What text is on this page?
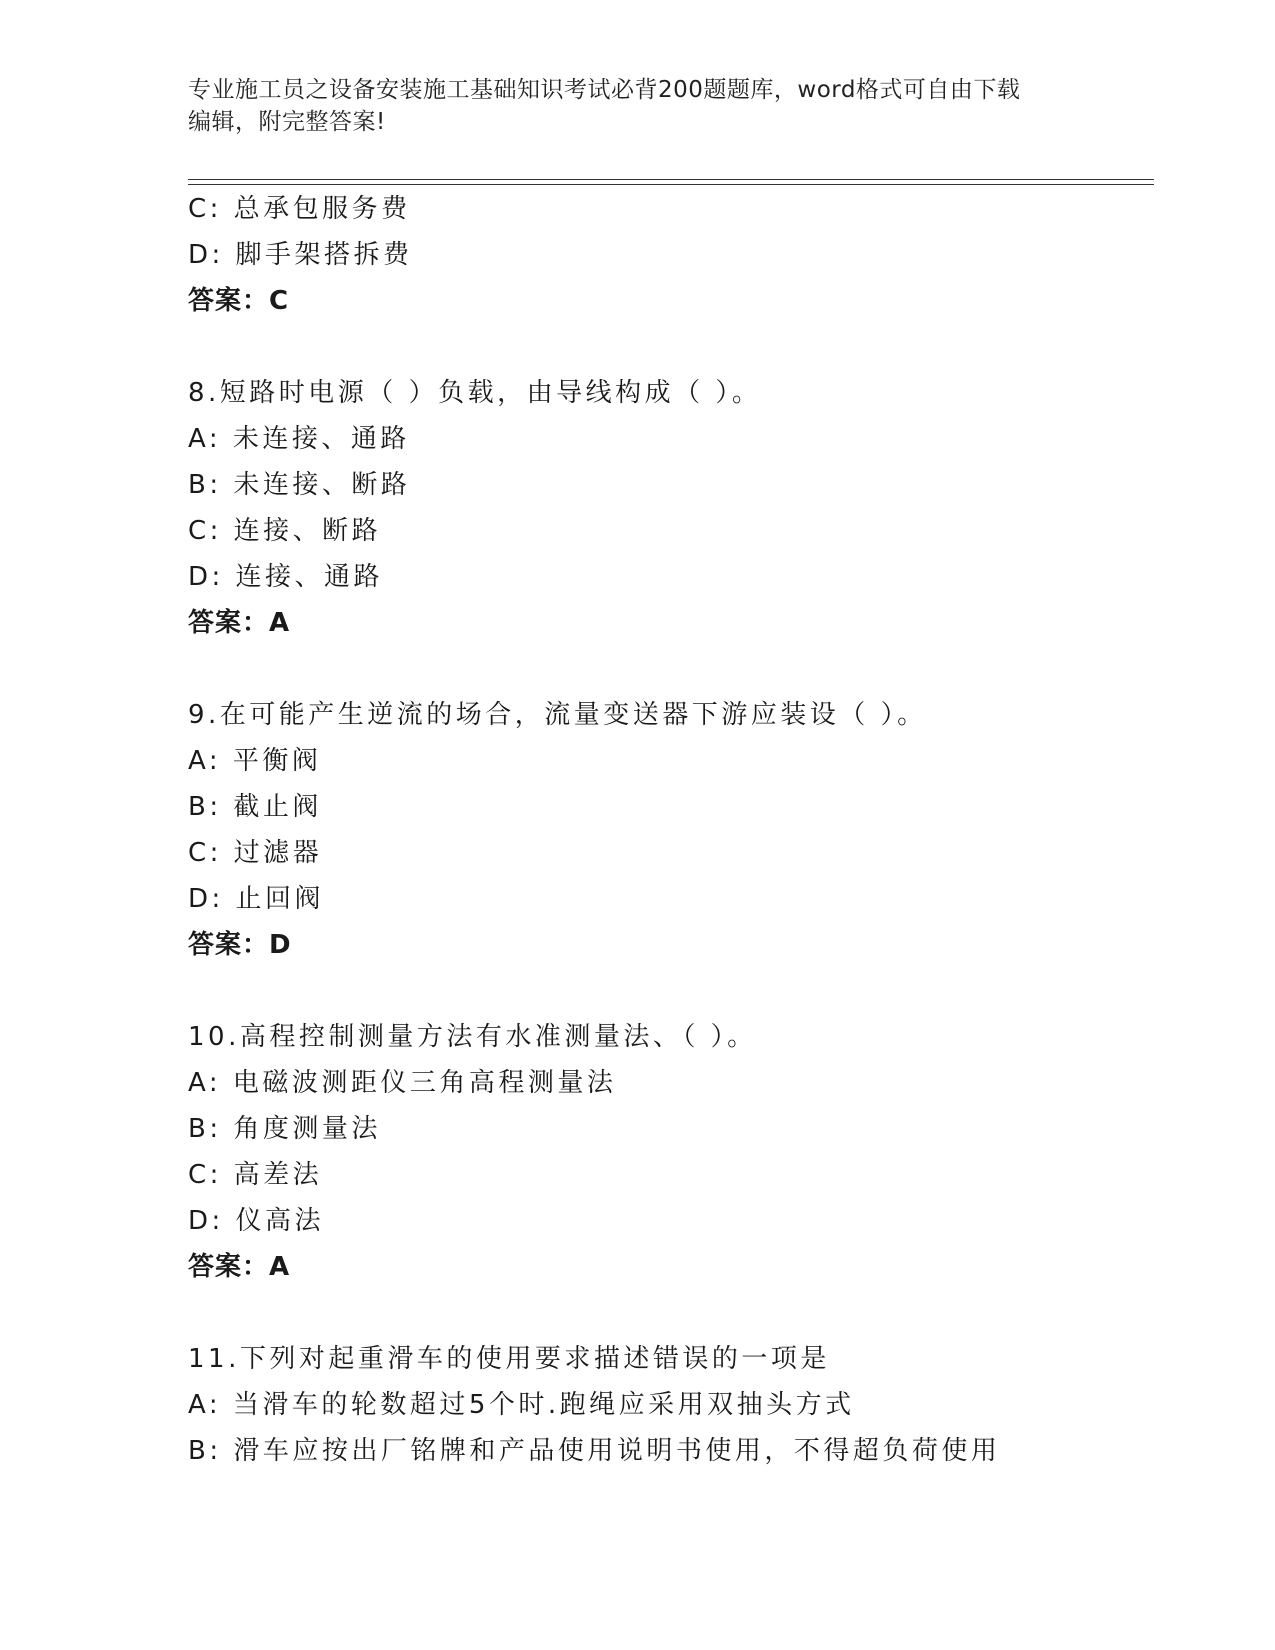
专业施工员之设备安装施工基础知识考试必背200题题库，word格式可自由下载
编辑，附完整答案!
C: 总承包服务费
D: 脚手架搭拆费
答案：C
8.短路时电源（ ）负载，由导线构成（ ）。
A: 未连接、通路
B: 未连接、断路
C: 连接、断路
D: 连接、通路
答案：A
9.在可能产生逆流的场合，流量变送器下游应装设（ ）。
A: 平衡阀
B: 截止阀
C: 过滤器
D: 止回阀
答案：D
10.高程控制测量方法有水准测量法、（ ）。
A: 电磁波测距仪三角高程测量法
B: 角度测量法
C: 高差法
D: 仪高法
答案：A
11.下列对起重滑车的使用要求描述错误的一项是
A: 当滑车的轮数超过5个时.跑绳应采用双抽头方式
B: 滑车应按出厂铭牌和产品使用说明书使用，不得超负荷使用
